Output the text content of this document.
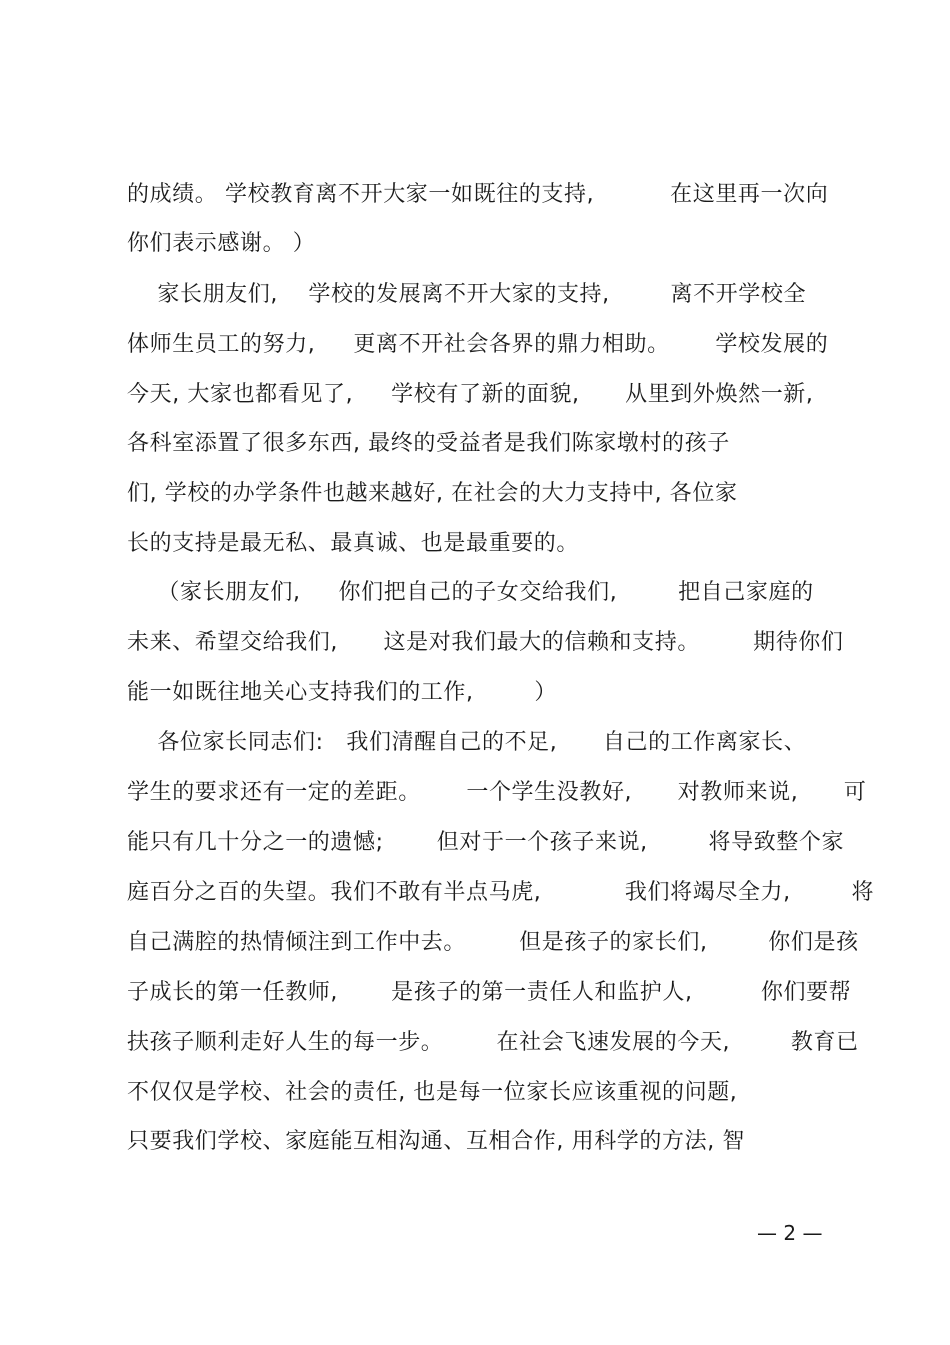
的成绩。 学校教育离不开大家一如既往的支持,          在这里再一次向
你们表示感谢。 ）
家长朋友们,    学校的发展离不开大家的支持,        离不开学校全
体师生员工的努力,     更离不开社会各界的鼎力相助。      学校发展的
今天, 大家也都看见了,     学校有了新的面貌,      从里到外焕然一新,
各科室添置了很多东西, 最终的受益者是我们陈家墩村的孩子
们, 学校的办学条件也越来越好, 在社会的大力支持中, 各位家
长的支持是最无私、最真诚、也是最重要的。
（家长朋友们,     你们把自己的子女交给我们,        把自己家庭的
未来、希望交给我们,      这是对我们最大的信赖和支持。       期待你们
能一如既往地关心支持我们的工作,        ）
各位家长同志们:   我们清醒自己的不足,      自己的工作离家长、
学生的要求还有一定的差距。      一个学生没教好,      对教师来说,      可
能只有几十分之一的遗憾;       但对于一个孩子来说,        将导致整个家
庭百分之百的失望。我们不敢有半点马虎,           我们将竭尽全力,        将
自己满腔的热情倾注到工作中去。       但是孩子的家长们,        你们是孩
子成长的第一任教师,       是孩子的第一责任人和监护人,         你们要帮
扶孩子顺利走好人生的每一步。       在社会飞速发展的今天,        教育已
不仅仅是学校、社会的责任, 也是每一位家长应该重视的问题,
只要我们学校、家庭能互相沟通、互相合作, 用科学的方法, 智
— 2 —
